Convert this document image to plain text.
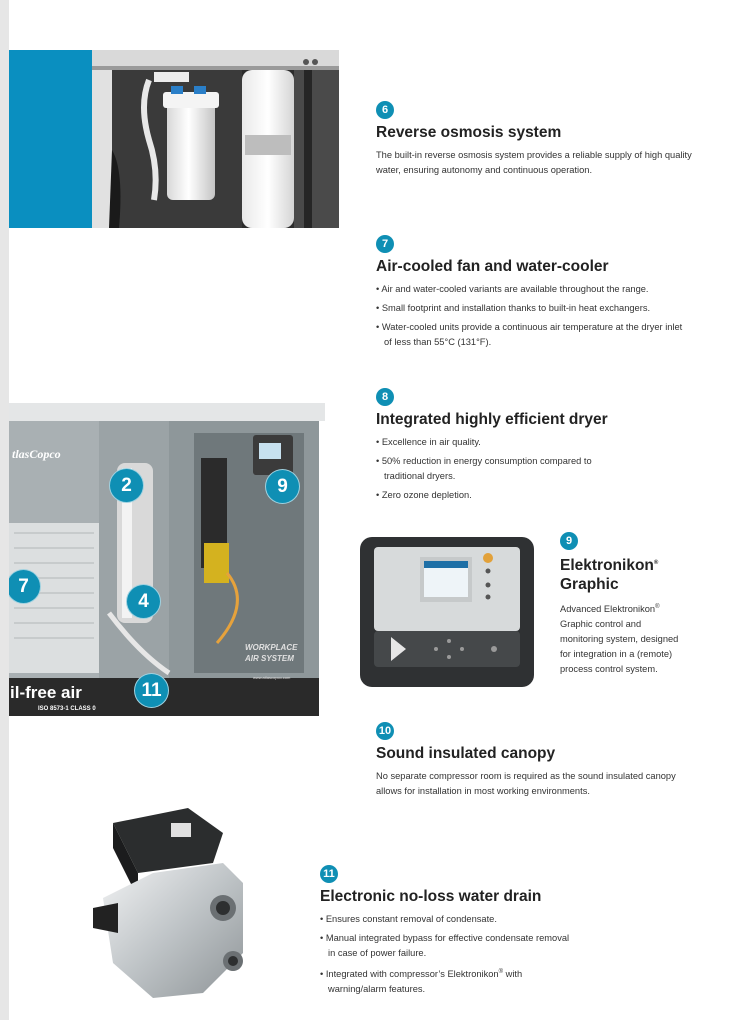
tlasCopco
il-free air
ISO 8573-1 CLASS 0
WORKPLACE
AIR SYSTEM
www.atlascopco.com
2	9
7
4
11
6
Reverse osmosis system

The built-in reverse osmosis system provides a reliable supply of high quality water, ensuring autonomy and continuous operation.

7
Air-cooled fan and water-cooler
• Air and water-cooled variants are available throughout the range.
• Small footprint and installation thanks to built-in heat exchangers.
• Water-cooled units provide a continuous air temperature at the dryer inlet of less than 55°C (131°F).
8
Integrated highly efficient dryer
• Excellence in air quality.
• 50% reduction in energy consumption compared to traditional dryers.
• Zero ozone depletion.
9
Elektronikon®
Graphic

Advanced Elektronikon® Graphic control and monitoring system, designed for integration in a (remote) process control system.

10
Sound insulated canopy

No separate compressor room is required as the sound insulated canopy allows for installation in most working environments.

11
Electronic no-loss water drain
• Ensures constant removal of condensate.
• Manual integrated bypass for effective condensate removal in case of power failure.
• Integrated with compressor’s Elektronikon® with warning/alarm features.
